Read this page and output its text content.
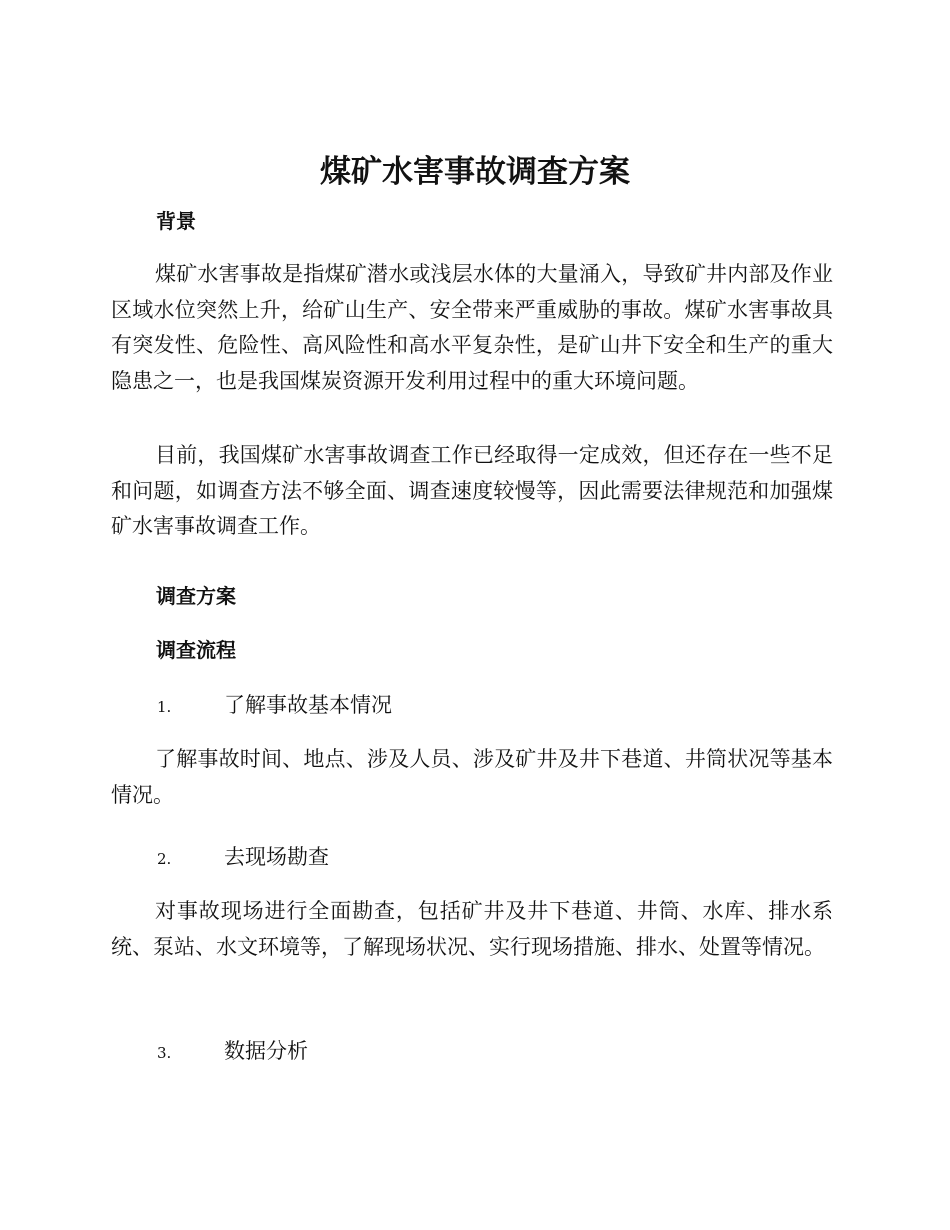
煤矿水害事故调查方案
背景

煤矿水害事故是指煤矿潜水或浅层水体的大量涌入，导致矿井内部及作业区域水位突然上升，给矿山生产、安全带来严重威胁的事故。煤矿水害事故具有突发性、危险性、高风险性和高水平复杂性，是矿山井下安全和生产的重大隐患之一，也是我国煤炭资源开发利用过程中的重大环境问题。

目前，我国煤矿水害事故调查工作已经取得一定成效，但还存在一些不足和问题，如调查方法不够全面、调查速度较慢等，因此需要法律规范和加强煤矿水害事故调查工作。

调查方案
调查流程
1.	了解事故基本情况

了解事故时间、地点、涉及人员、涉及矿井及井下巷道、井筒状况等基本情况。

2.	去现场勘查

对事故现场进行全面勘查，包括矿井及井下巷道、井筒、水库、排水系统、泵站、水文环境等，了解现场状况、实行现场措施、排水、处置等情况。

3.	数据分析
